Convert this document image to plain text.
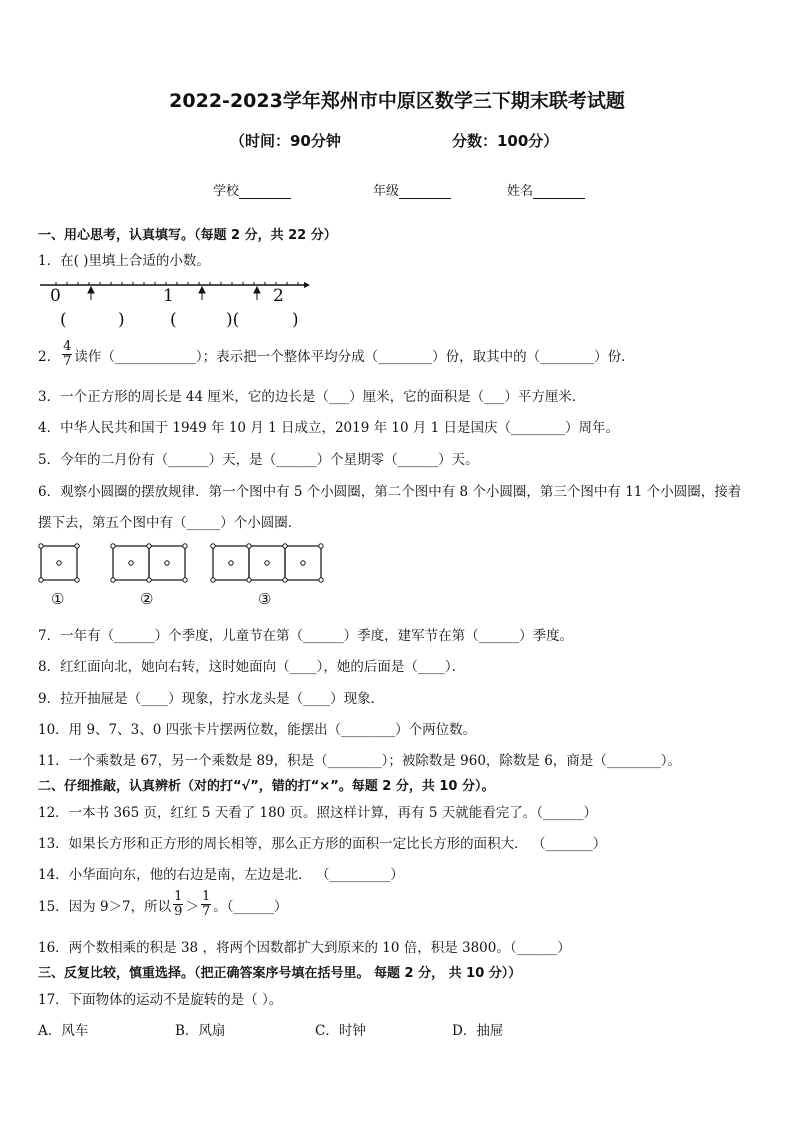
2022-2023学年郑州市中原区数学三下期末联考试题
（时间：90分钟	分数：100分）
学校	年级	姓名
一、用心思考，认真填写。（每题 2 分，共 22 分）
1．在( )里填上合适的小数。
0	1	2
(	)	(	)(	)
2． $\frac{4}{7}$ 读作（____________）；表示把一个整体平均分成（________）份，取其中的（________）份．
3．一个正方形的周长是 44 厘米，它的边长是（___）厘米，它的面积是（___）平方厘米．
4．中华人民共和国于 1949 年 10 月 1 日成立，2019 年 10 月 1 日是国庆（________）周年。
5．今年的二月份有（______）天，是（______）个星期零（______）天。
6．观察小圆圈的摆放规律．第一个图中有 5 个小圆圈，第二个图中有 8 个小圆圈，第三个图中有 11 个小圆圈，接着
摆下去，第五个图中有（_____）个小圆圈．
①	②	③
7．一年有（______）个季度，儿童节在第（______）季度，建军节在第（______）季度。
8．红红面向北，她向右转，这时她面向（____），她的后面是（____）．
9．拉开抽屉是（____）现象，拧水龙头是（____）现象．
10．用 9、7、3、0 四张卡片摆两位数，能摆出（________）个两位数。
11．一个乘数是 67，另一个乘数是 89，积是（________）；被除数是 960，除数是 6，商是（________）。
二、仔细推敲，认真辨析（对的打“√”，错的打“×”。每题 2 分，共 10 分）。
12．一本书 365 页，红红 5 天看了 180 页。照这样计算，再有 5 天就能看完了。（______）
13．如果长方形和正方形的周长相等，那么正方形的面积一定比长方形的面积大． （_______）
14．小华面向东，他的右边是南，左边是北． （_________）
15．因为 9＞7，所以 $\frac{1}{9} > \frac{1}{7}$ 。（______）
16．两个数相乘的积是 38 ，将两个因数都扩大到原来的 10 倍，积是 3800。（______）
三、反复比较，慎重选择。（把正确答案序号填在括号里。 每题 2 分， 共 10 分））
17．下面物体的运动不是旋转的是（ ）。
A．风车	B．风扇	C．时钟	D．抽屉
